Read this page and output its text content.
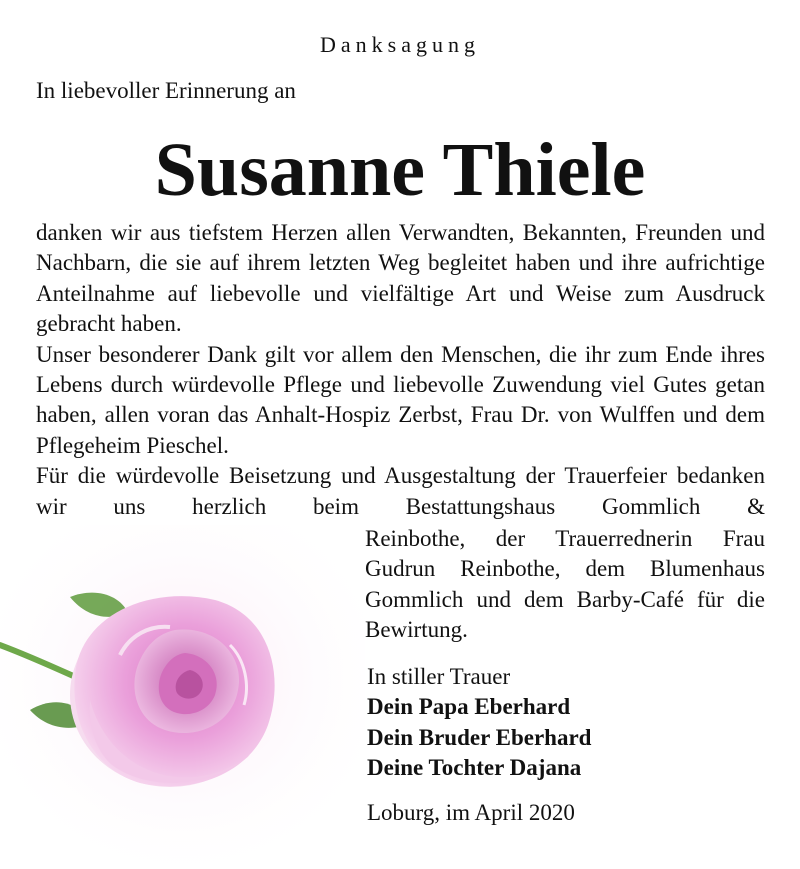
Danksagung
In liebevoller Erinnerung an
Susanne Thiele

danken wir aus tiefstem Herzen allen Verwandten, Bekannten, Freunden und Nachbarn, die sie auf ihrem letzten Weg begleitet haben und ihre aufrichtige Anteilnahme auf liebevolle und vielfältige Art und Weise zum Ausdruck gebracht haben.

Unser besonderer Dank gilt vor allem den Menschen, die ihr zum Ende ihres Lebens durch würdevolle Pflege und liebevolle Zuwendung viel Gutes getan haben, allen voran das Anhalt-Hospiz Zerbst, Frau Dr. von Wulffen und dem Pflegeheim Pieschel.

Für die würdevolle Beisetzung und Ausgestaltung der Trauerfeier bedanken wir uns herzlich beim Bestattungshaus Gommlich &

Reinbothe, der Trauerrednerin Frau Gudrun Reinbothe, dem Blumenhaus Gommlich und dem Barby-Café für die Bewirtung.

In stiller Trauer
Dein Papa Eberhard
Dein Bruder Eberhard
Deine Tochter Dajana
Loburg, im April 2020
